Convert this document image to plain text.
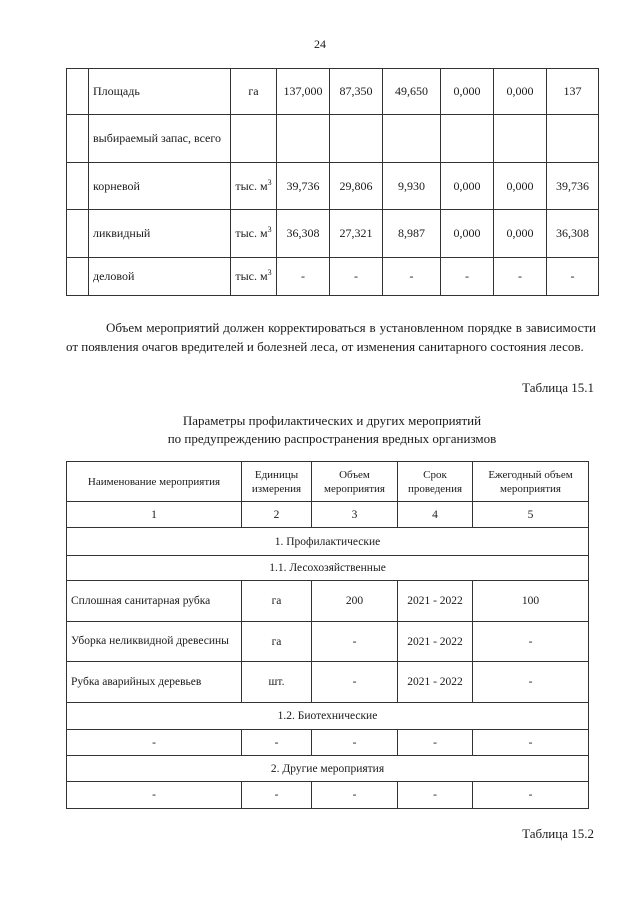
24
	Площадь	га	137,000	87,350	49,650	0,000	0,000	137
	выбираемый запас, всего							
	корневой	тыс. $м^3$	39,736	29,806	9,930	0,000	0,000	39,736
	ликвидный	тыс. $м^3$	36,308	27,321	8,987	0,000	0,000	36,308
	деловой	тыс. $м^3$	-	-	-	-	-	-
Объем мероприятий должен корректироваться в установленном порядке в зависимости от появления очагов вредителей и болезней леса, от изменения санитарного состояния лесов.
Таблица 15.1
Параметры профилактических и других мероприятий
по предупреждению распространения вредных организмов
Наименование мероприятия	Единицы измерения	Объем мероприятия	Срок проведения	Ежегодный объем мероприятия
1	2	3	4	5
1. Профилактические				
1.1. Лесохозяйственные				
Сплошная санитарная рубка	га	200	2021 - 2022	100
Уборка неликвидной древесины	га	-	2021 - 2022	-
Рубка аварийных деревьев	шт.	-	2021 - 2022	-
1.2. Биотехнические				
-	-	-	-	-
2. Другие мероприятия				
-	-	-	-	-
Таблица 15.2
